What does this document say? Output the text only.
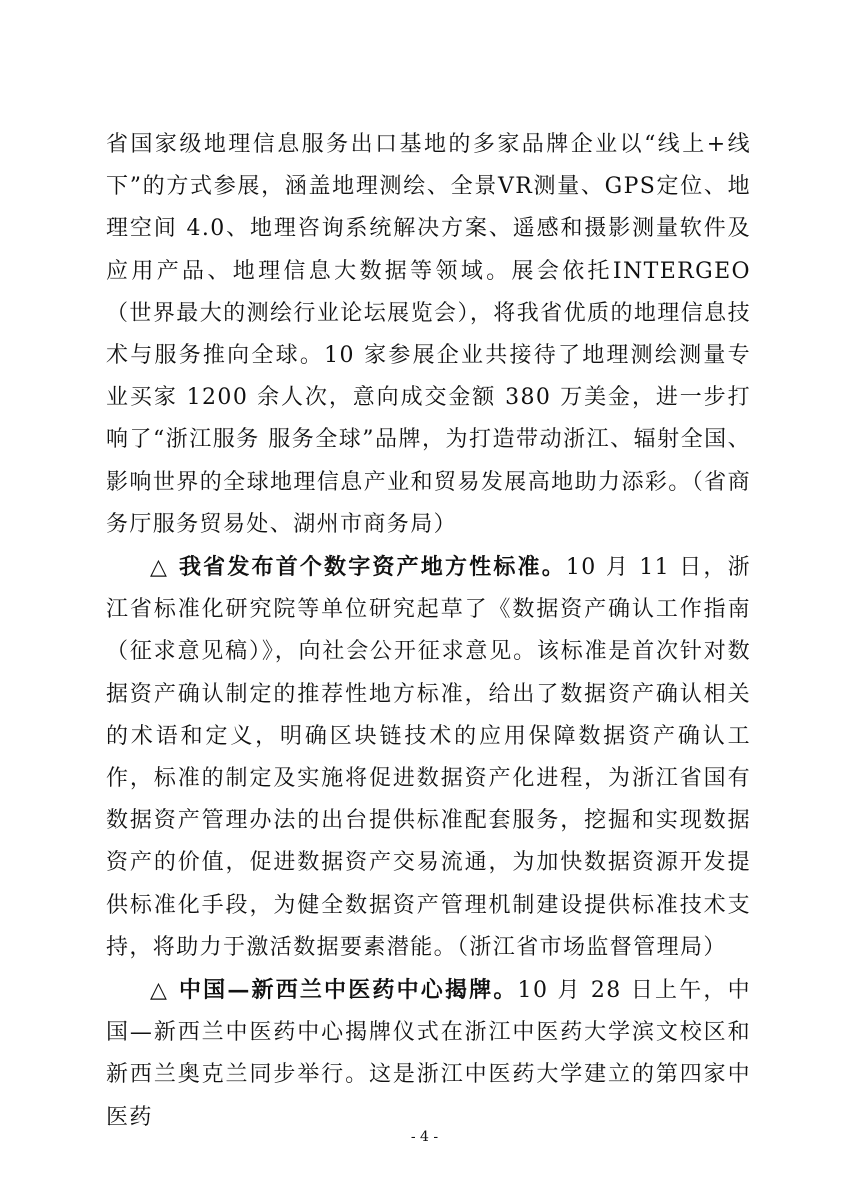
省国家级地理信息服务出口基地的多家品牌企业以“线上+线下”的方式参展，涵盖地理测绘、全景VR测量、GPS定位、地理空间 4.0、地理咨询系统解决方案、遥感和摄影测量软件及应用产品、地理信息大数据等领域。展会依托INTERGEO（世界最大的测绘行业论坛展览会），将我省优质的地理信息技术与服务推向全球。10 家参展企业共接待了地理测绘测量专业买家 1200 余人次，意向成交金额 380 万美金，进一步打响了“浙江服务 服务全球”品牌，为打造带动浙江、辐射全国、影响世界的全球地理信息产业和贸易发展高地助力添彩。（省商务厅服务贸易处、湖州市商务局）

△ 我省发布首个数字资产地方性标准。10 月 11 日，浙江省标准化研究院等单位研究起草了《数据资产确认工作指南（征求意见稿）》，向社会公开征求意见。该标准是首次针对数据资产确认制定的推荐性地方标准，给出了数据资产确认相关的术语和定义，明确区块链技术的应用保障数据资产确认工作，标准的制定及实施将促进数据资产化进程，为浙江省国有数据资产管理办法的出台提供标准配套服务，挖掘和实现数据资产的价值，促进数据资产交易流通，为加快数据资源开发提供标准化手段，为健全数据资产管理机制建设提供标准技术支持，将助力于激活数据要素潜能。（浙江省市场监督管理局）

△ 中国—新西兰中医药中心揭牌。10 月 28 日上午，中国—新西兰中医药中心揭牌仪式在浙江中医药大学滨文校区和新西兰奥克兰同步举行。这是浙江中医药大学建立的第四家中医药

- 4 -
